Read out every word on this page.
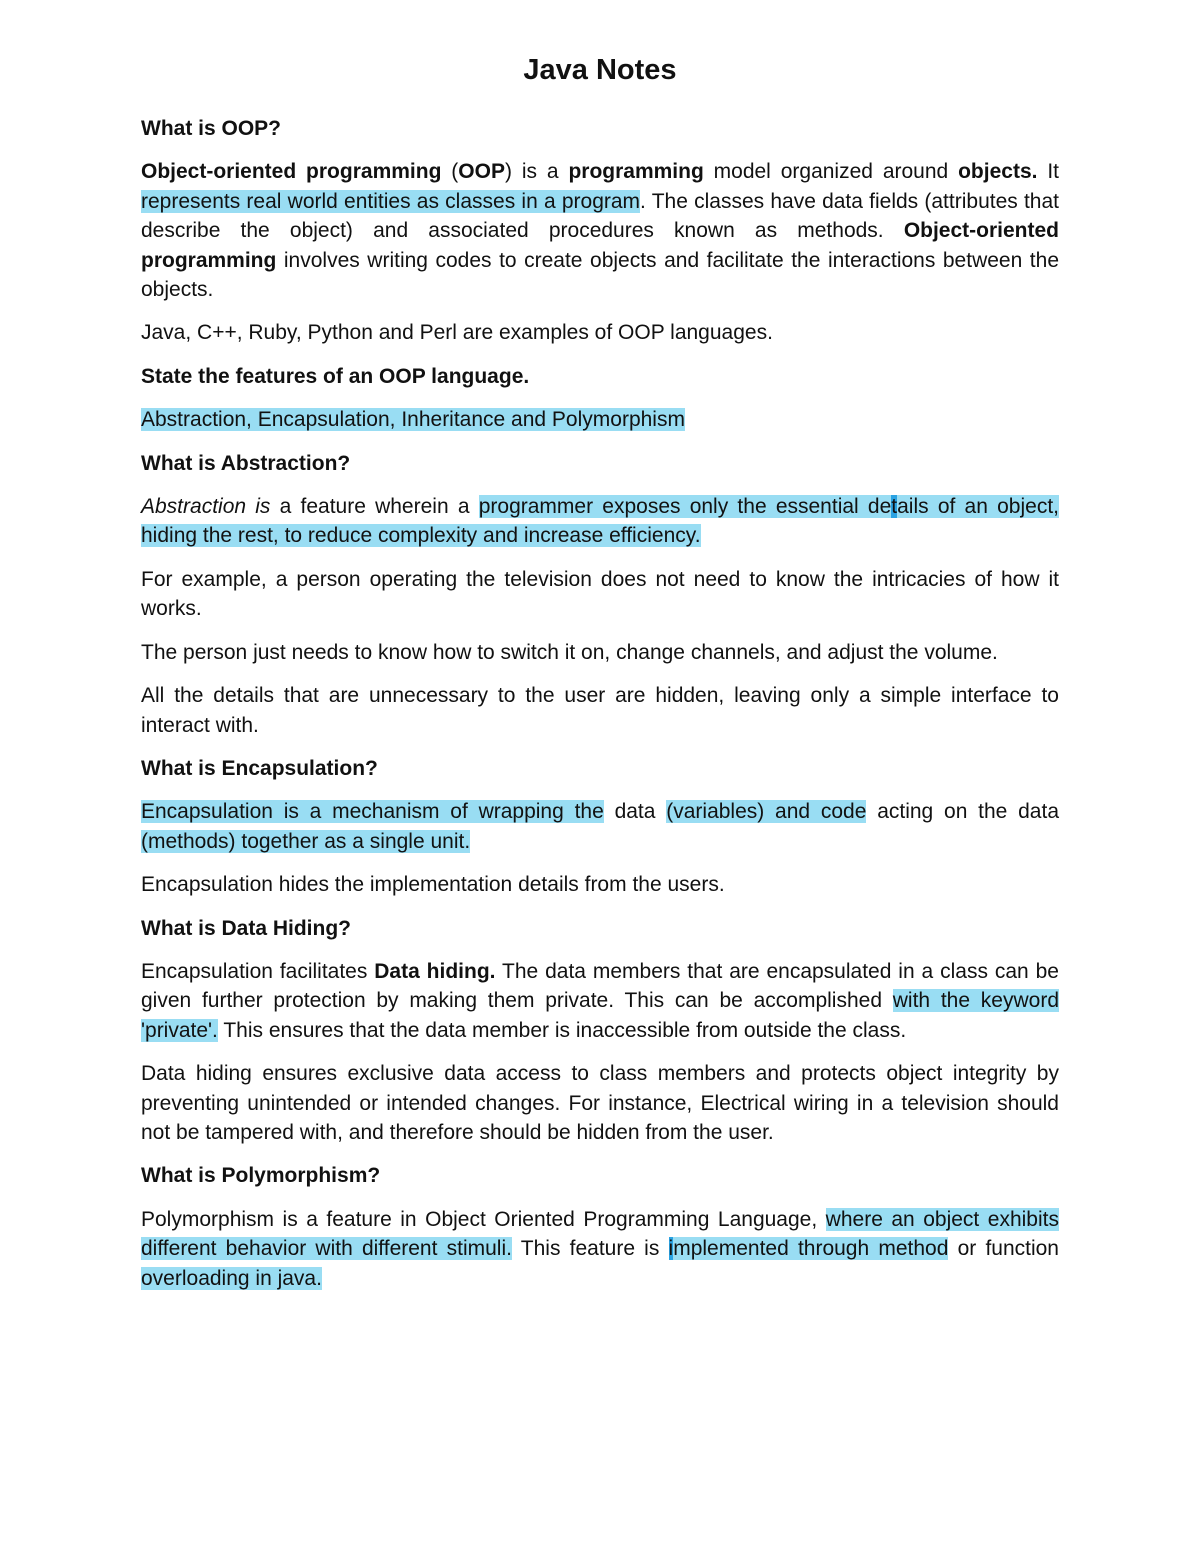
Java Notes

What is OOP?

Object-oriented programming (OOP) is a programming model organized around objects. It represents real world entities as classes in a program. The classes have data fields (attributes that describe the object) and associated procedures known as methods. Object-oriented programming involves writing codes to create objects and facilitate the interactions between the objects.

Java, C++, Ruby, Python and Perl are examples of OOP languages.

State the features of an OOP language.

Abstraction, Encapsulation, Inheritance and Polymorphism

What is Abstraction?

Abstraction is a feature wherein a programmer exposes only the essential details of an object, hiding the rest, to reduce complexity and increase efficiency.

For example, a person operating the television does not need to know the intricacies of how it works.

The person just needs to know how to switch it on, change channels, and adjust the volume.

All the details that are unnecessary to the user are hidden, leaving only a simple interface to interact with.

What is Encapsulation?

Encapsulation is a mechanism of wrapping the data (variables) and code acting on the data (methods) together as a single unit.

Encapsulation hides the implementation details from the users.

What is Data Hiding?

Encapsulation facilitates Data hiding. The data members that are encapsulated in a class can be given further protection by making them private. This can be accomplished with the keyword 'private'. This ensures that the data member is inaccessible from outside the class.

Data hiding ensures exclusive data access to class members and protects object integrity by preventing unintended or intended changes. For instance, Electrical wiring in a television should not be tampered with, and therefore should be hidden from the user.

What is Polymorphism?

Polymorphism is a feature in Object Oriented Programming Language, where an object exhibits different behavior with different stimuli. This feature is implemented through method or function overloading in java.
